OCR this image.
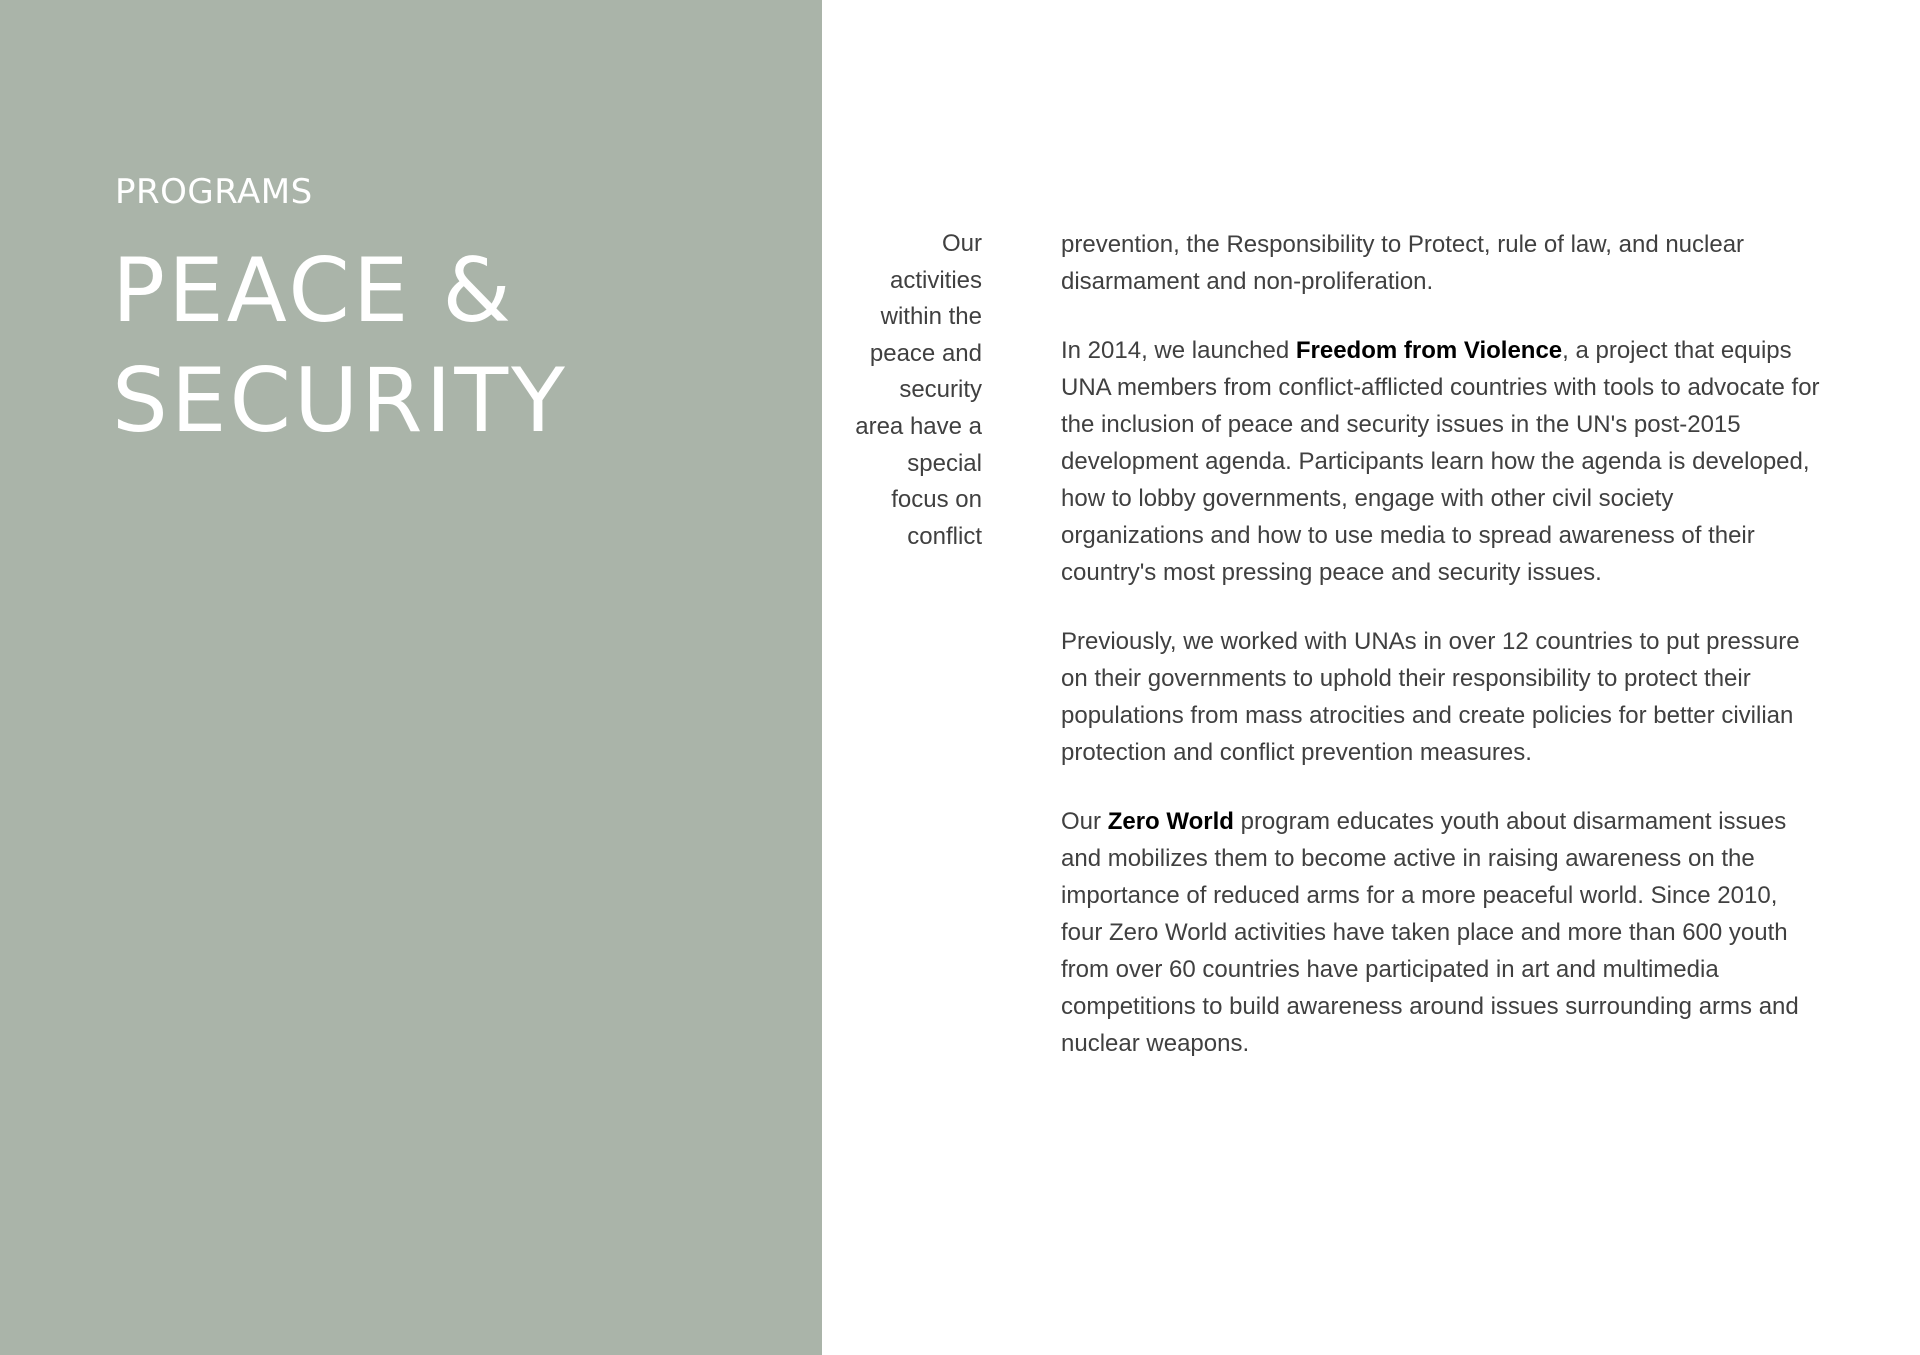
PROGRAMS
PEACE &
SECURITY
Our
activities
within the
peace and
security
area have a
special
focus on
conflict

prevention, the Responsibility to Protect, rule of law, and nuclear disarmament and non-proliferation.

In 2014, we launched Freedom from Violence, a project that equips UNA members from conflict-afflicted countries with tools to advocate for the inclusion of peace and security issues in the UN's post-2015 development agenda. Participants learn how the agenda is developed, how to lobby governments, engage with other civil society organizations and how to use media to spread awareness of their country's most pressing peace and security issues.

Previously, we worked with UNAs in over 12 countries to put pressure on their governments to uphold their responsibility to protect their populations from mass atrocities and create policies for better civilian protection and conflict prevention measures.

Our Zero World program educates youth about disarmament issues and mobilizes them to become active in raising awareness on the importance of reduced arms for a more peaceful world. Since 2010, four Zero World activities have taken place and more than 600 youth from over 60 countries have participated in art and multimedia competitions to build awareness around issues surrounding arms and nuclear weapons.
